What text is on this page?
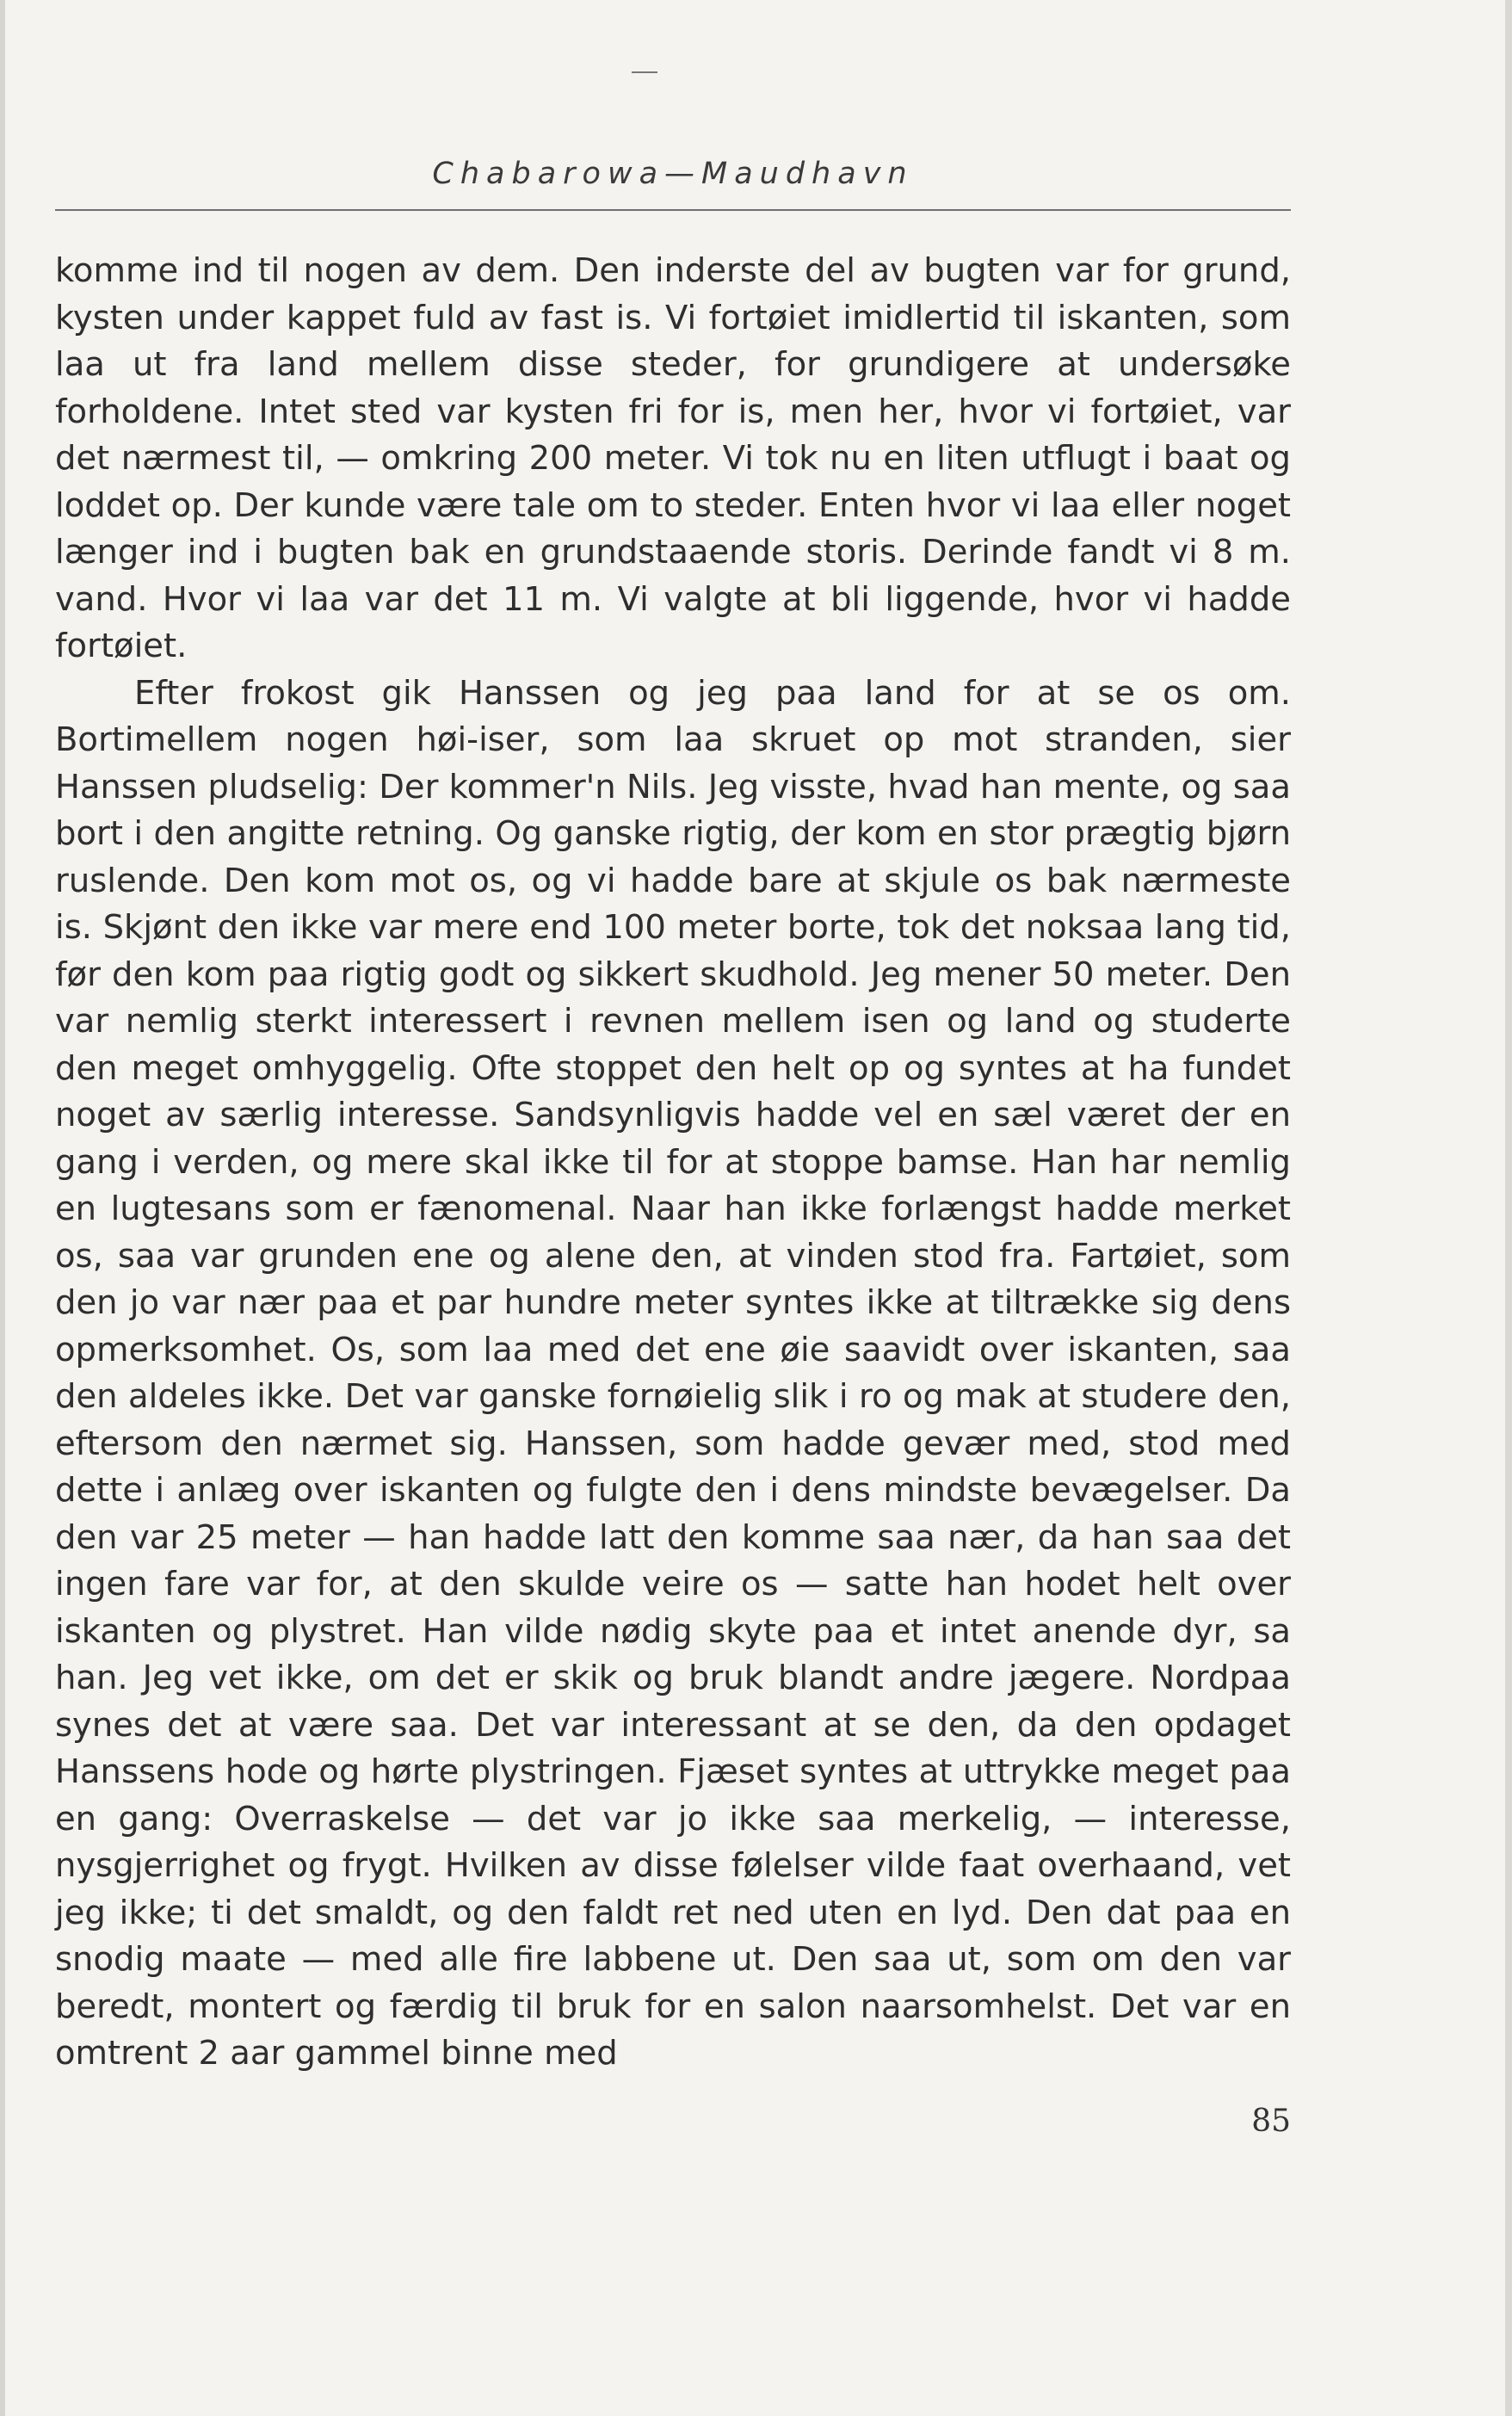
Chabarowa—Maudhavn

komme ind til nogen av dem. Den inderste del av bugten var for grund, kysten under kappet fuld av fast is. Vi fortøiet imidlertid til iskanten, som laa ut fra land mellem disse steder, for grundigere at undersøke forholdene. Intet sted var kysten fri for is, men her, hvor vi fortøiet, var det nærmest til, — omkring 200 meter. Vi tok nu en liten utflugt i baat og loddet op. Der kunde være tale om to steder. Enten hvor vi laa eller noget længer ind i bugten bak en grundstaaende storis. Derinde fandt vi 8 m. vand. Hvor vi laa var det 11 m. Vi valgte at bli liggende, hvor vi hadde fortøiet.

Efter frokost gik Hanssen og jeg paa land for at se os om. Bortimellem nogen høi-iser, som laa skruet op mot stranden, sier Hanssen pludselig: Der kommer'n Nils. Jeg visste, hvad han mente, og saa bort i den angitte retning. Og ganske rigtig, der kom en stor prægtig bjørn ruslende. Den kom mot os, og vi hadde bare at skjule os bak nærmeste is. Skjønt den ikke var mere end 100 meter borte, tok det noksaa lang tid, før den kom paa rigtig godt og sikkert skudhold. Jeg mener 50 meter. Den var nemlig sterkt interessert i revnen mellem isen og land og studerte den meget omhyggelig. Ofte stoppet den helt op og syntes at ha fundet noget av særlig interesse. Sandsynligvis hadde vel en sæl været der en gang i verden, og mere skal ikke til for at stoppe bamse. Han har nemlig en lugtesans som er fænomenal. Naar han ikke forlængst hadde merket os, saa var grunden ene og alene den, at vinden stod fra. Fartøiet, som den jo var nær paa et par hundre meter syntes ikke at tiltrække sig dens opmerksomhet. Os, som laa med det ene øie saavidt over iskanten, saa den aldeles ikke. Det var ganske fornøielig slik i ro og mak at studere den, eftersom den nærmet sig. Hanssen, som hadde gevær med, stod med dette i anlæg over iskanten og fulgte den i dens mindste bevægelser. Da den var 25 meter — han hadde latt den komme saa nær, da han saa det ingen fare var for, at den skulde veire os — satte han hodet helt over iskanten og plystret. Han vilde nødig skyte paa et intet anende dyr, sa han. Jeg vet ikke, om det er skik og bruk blandt andre jægere. Nordpaa synes det at være saa. Det var interessant at se den, da den opdaget Hanssens hode og hørte plystringen. Fjæset syntes at uttrykke meget paa en gang: Overraskelse — det var jo ikke saa merkelig, — interesse, nysgjerrighet og frygt. Hvilken av disse følelser vilde faat overhaand, vet jeg ikke; ti det smaldt, og den faldt ret ned uten en lyd. Den dat paa en snodig maate — med alle fire labbene ut. Den saa ut, som om den var beredt, montert og færdig til bruk for en salon naarsomhelst. Det var en omtrent 2 aar gammel binne med

85
